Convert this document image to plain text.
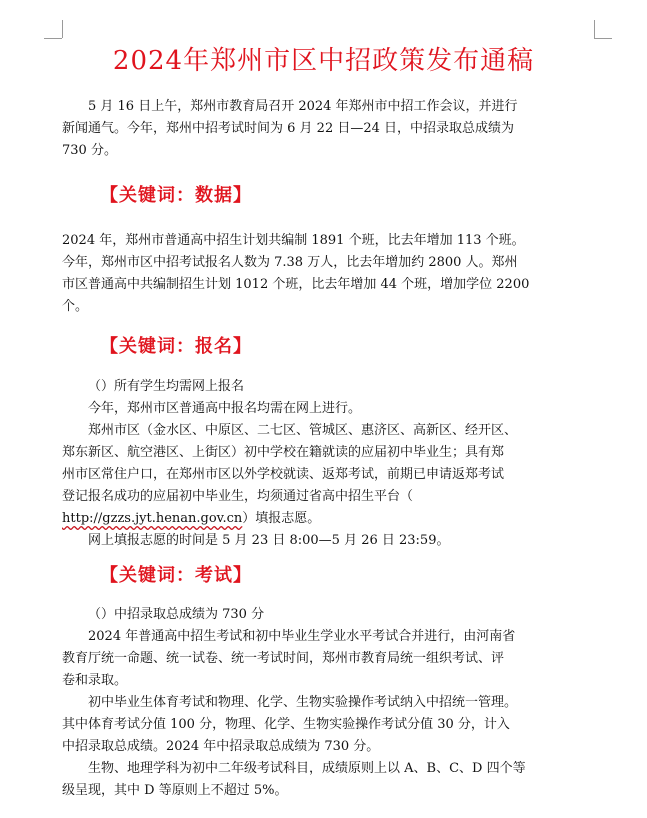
2024年郑州市区中招政策发布通稿
5 月 16 日上午，郑州市教育局召开 2024 年郑州市中招工作会议，并进行
新闻通气。今年，郑州中招考试时间为 6 月 22 日—24 日，中招录取总成绩为
730 分。
【关键词：数据】
2024 年，郑州市普通高中招生计划共编制 1891 个班，比去年增加 113 个班。
今年，郑州市区中招考试报名人数为 7.38 万人，比去年增加约 2800 人。郑州
市区普通高中共编制招生计划 1012 个班，比去年增加 44 个班，增加学位 2200
个。
【关键词：报名】
（）所有学生均需网上报名
今年，郑州市区普通高中报名均需在网上进行。
郑州市区（金水区、中原区、二七区、管城区、惠济区、高新区、经开区、
郑东新区、航空港区、上街区）初中学校在籍就读的应届初中毕业生；具有郑
州市区常住户口，在郑州市区以外学校就读、返郑考试，前期已申请返郑考试
登记报名成功的应届初中毕业生，均须通过省高中招生平台（
http://gzzs.jyt.henan.gov.cn）填报志愿。
网上填报志愿的时间是 5 月 23 日 8:00—5 月 26 日 23:59。
【关键词：考试】
（）中招录取总成绩为 730 分
2024 年普通高中招生考试和初中毕业生学业水平考试合并进行，由河南省
教育厅统一命题、统一试卷、统一考试时间，郑州市教育局统一组织考试、评
卷和录取。
初中毕业生体育考试和物理、化学、生物实验操作考试纳入中招统一管理。
其中体育考试分值 100 分，物理、化学、生物实验操作考试分值 30 分，计入
中招录取总成绩。2024 年中招录取总成绩为 730 分。
生物、地理学科为初中二年级考试科目，成绩原则上以 A、B、C、D 四个等
级呈现，其中 D 等原则上不超过 5%。
